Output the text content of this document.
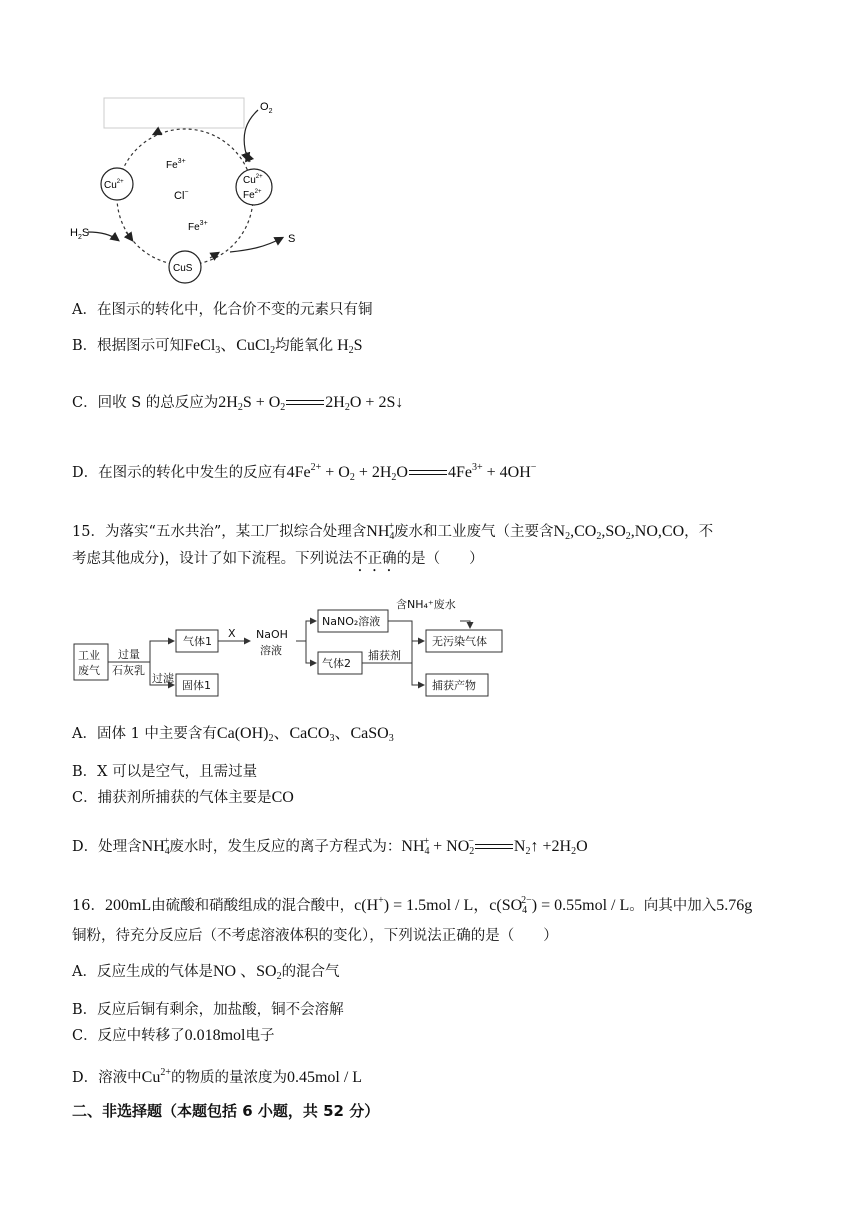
$O_2$
$Fe^{3+}$
Cl−
$Cu^{2+}$	$Cu^{2+}$
$Fe^{2+}$
$Fe^{3+}$
$H_2S$	S
CuS
A．在图示的转化中，化合价不变的元素只有铜
B．根据图示可知FeCl$_3$、CuCl$_2$均能氧化 $H_2S$
C．回收 S 的总反应为$2H_2S + O_2$	$2H_2O$ + 2S↓
D．在图示的转化中发生的反应有$4Fe^{2+} + O_2 + 2H_2O$	$4Fe^{3+} + 4OH^-$
15．为落实“五水共治”，某工厂拟综合处理含$NH_4^+$废水和工业废气（主要含$N_2,CO_2,SO_2,NO,CO$，不
考虑其他成分)，设计了如下流程。下列说法不正确的是（　　）
工业
废气
过量
石灰乳
气体1
X NaOH
溶液
NaNO₂溶液
含NH₄⁺废水
无污染气体
气体2
捕获剂
捕获产物
过滤
固体1
A．固体 1 中主要含有$Ca(OH)_2$、CaCO$_3$、CaSO$_3$
B．X 可以是空气，且需过量
C．捕获剂所捕获的气体主要是CO
D．处理含$NH_4^+$废水时，发生反应的离子方程式为：$NH_4^+ + NO_2^-$	$N_2↑ +2H_2O$
16．200mL由硫酸和硝酸组成的混合酸中，c(H+) = 1.5mol / L，$c(SO_4^{2-}) = 0.55mol / L$。向其中加入5.76g
铜粉，待充分反应后（不考虑溶液体积的变化），下列说法正确的是（　　）
A．反应生成的气体是NO 、$SO_2$的混合气
B．反应后铜有剩余，加盐酸，铜不会溶解
C．反应中转移了0.018mol电子
D．溶液中$Cu^{2+}$的物质的量浓度为0.45mol / L
二、非选择题（本题包括 6 小题，共 52 分）
